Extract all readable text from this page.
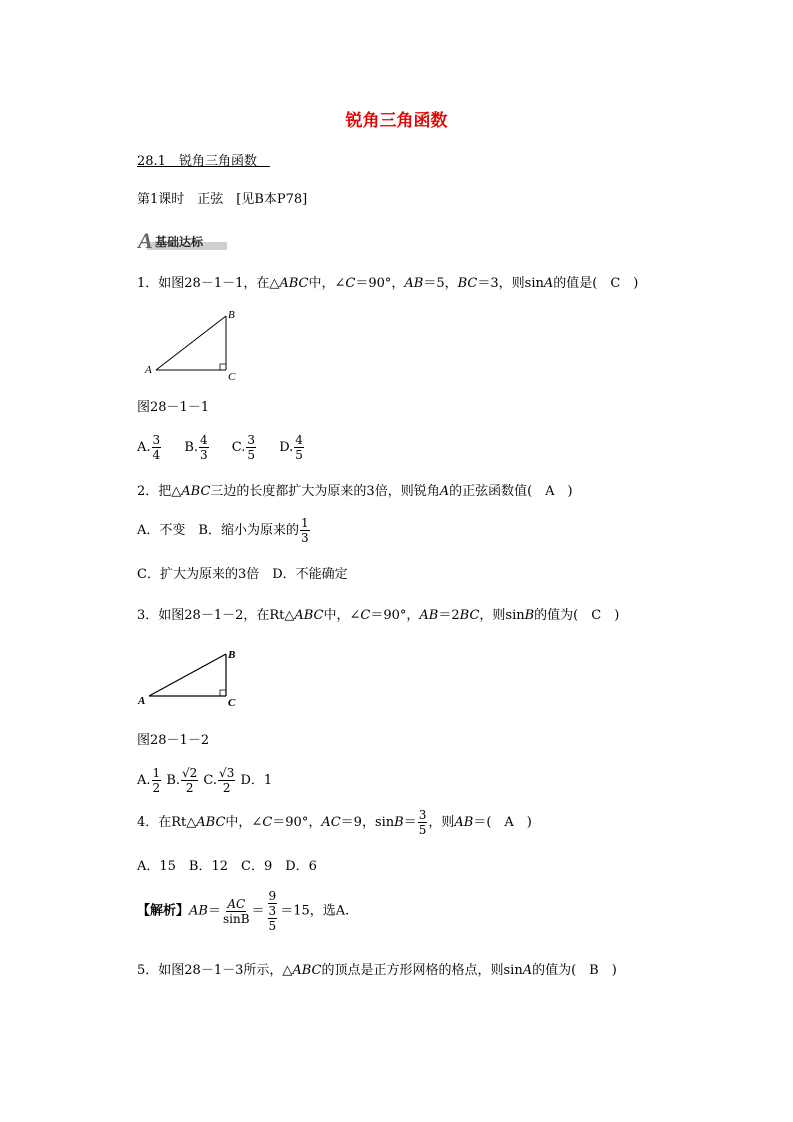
锐角三角函数
28.1　锐角三角函数　
第1课时　正弦　[见B本P78]
A 基础达标
1．如图28－1－1，在△ABC中，∠C＝90°，AB＝5，BC＝3，则sinA的值是(　C　)
A
B
C
图28－1－1
A. $\frac{3}{4} B$. $\frac{4}{3} C$. $\frac{3}{5} D$. $\frac{4}{5}$
2．把△ABC三边的长度都扩大为原来的3倍，则锐角A的正弦函数值(　A　)
A．不变　B．缩小为原来的 $\frac{1}{3}$
C．扩大为原来的3倍　D．不能确定
3．如图28－1－2，在Rt△ABC中，∠C＝90°，AB＝2BC，则sinB的值为(　C　)
A
B
C
图28－1－2
A. $\frac{1}{2} B$. $\frac{√2}{2} C$. $\frac{√3}{2}$ D．1
4．在Rt△ABC中，∠C＝90°，AC＝9，$\sin B= \frac{3}{5}$ ，则AB＝(　A　)
A．15　B．12　C．9　D．6
【解析】$AB= \frac{AC}{\sin B} = \frac{9}{\frac{3}{5}} =15$，选A.
5．如图28－1－3所示，△ABC的顶点是正方形网格的格点，则sinA的值为(　B　)
